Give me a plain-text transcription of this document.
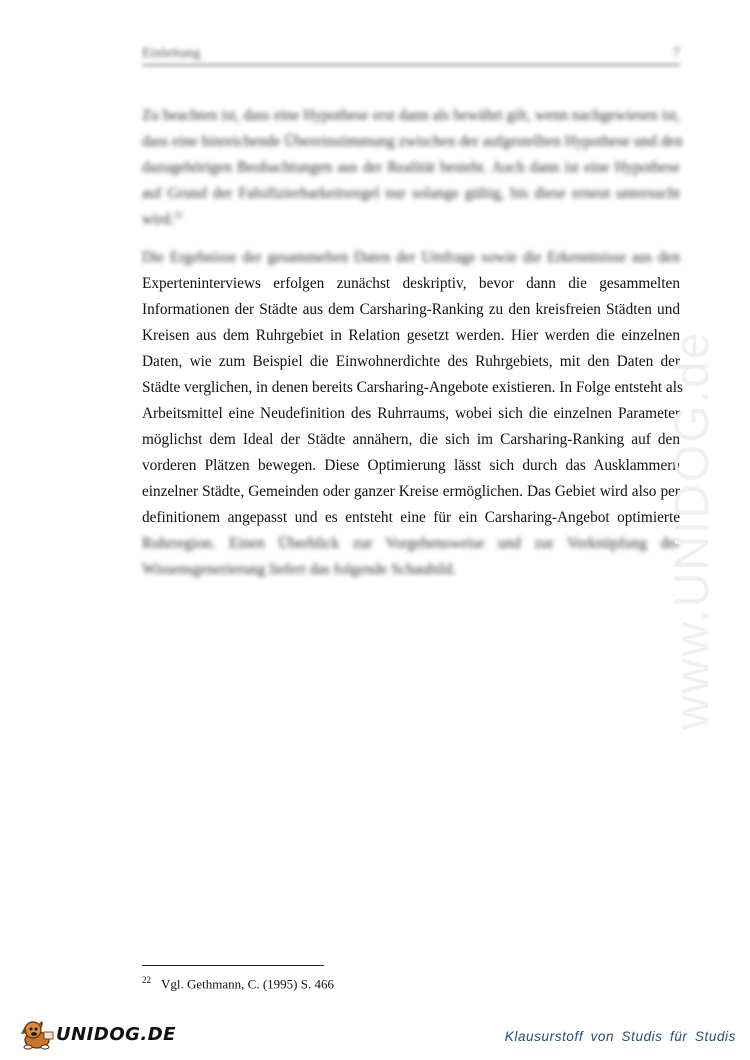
Einleitung	7

Zu beachten ist, dass eine Hypothese erst dann als bewährt gilt, wenn nachgewiesen ist,
dass eine hinreichende Übereinstimmung zwischen der aufgestellten Hypothese und den
dazugehörigen Beobachtungen aus der Realität besteht. Auch dann ist eine Hypothese
auf Grund der Falsifizierbarkeitsregel nur solange gültig, bis diese erneut untersucht
wird.$^{21}$

Die Ergebnisse der gesammelten Daten der Umfrage sowie die Erkenntnisse aus den
Experteninterviews erfolgen zunächst deskriptiv, bevor dann die gesammelten
Informationen der Städte aus dem Carsharing-Ranking zu den kreisfreien Städten und
Kreisen aus dem Ruhrgebiet in Relation gesetzt werden. Hier werden die einzelnen
Daten, wie zum Beispiel die Einwohnerdichte des Ruhrgebiets, mit den Daten der
Städte verglichen, in denen bereits Carsharing-Angebote existieren. In Folge entsteht als
Arbeitsmittel eine Neudefinition des Ruhrraums, wobei sich die einzelnen Parameter
möglichst dem Ideal der Städte annähern, die sich im Carsharing-Ranking auf den
vorderen Plätzen bewegen. Diese Optimierung lässt sich durch das Ausklammern
einzelner Städte, Gemeinden oder ganzer Kreise ermöglichen. Das Gebiet wird also per
definitionem angepasst und es entsteht eine für ein Carsharing-Angebot optimierte
Ruhrregion. Einen Überblick zur Vorgehensweise und zur Verknüpfung der
Wissensgenerierung liefert das folgende Schaubild.	www.UNIDOG.de
$^{22}$ Vgl. Gethmann, C. (1995) S. 466
UNIDOG.DE	Klausurstoff von Studis für Studis
